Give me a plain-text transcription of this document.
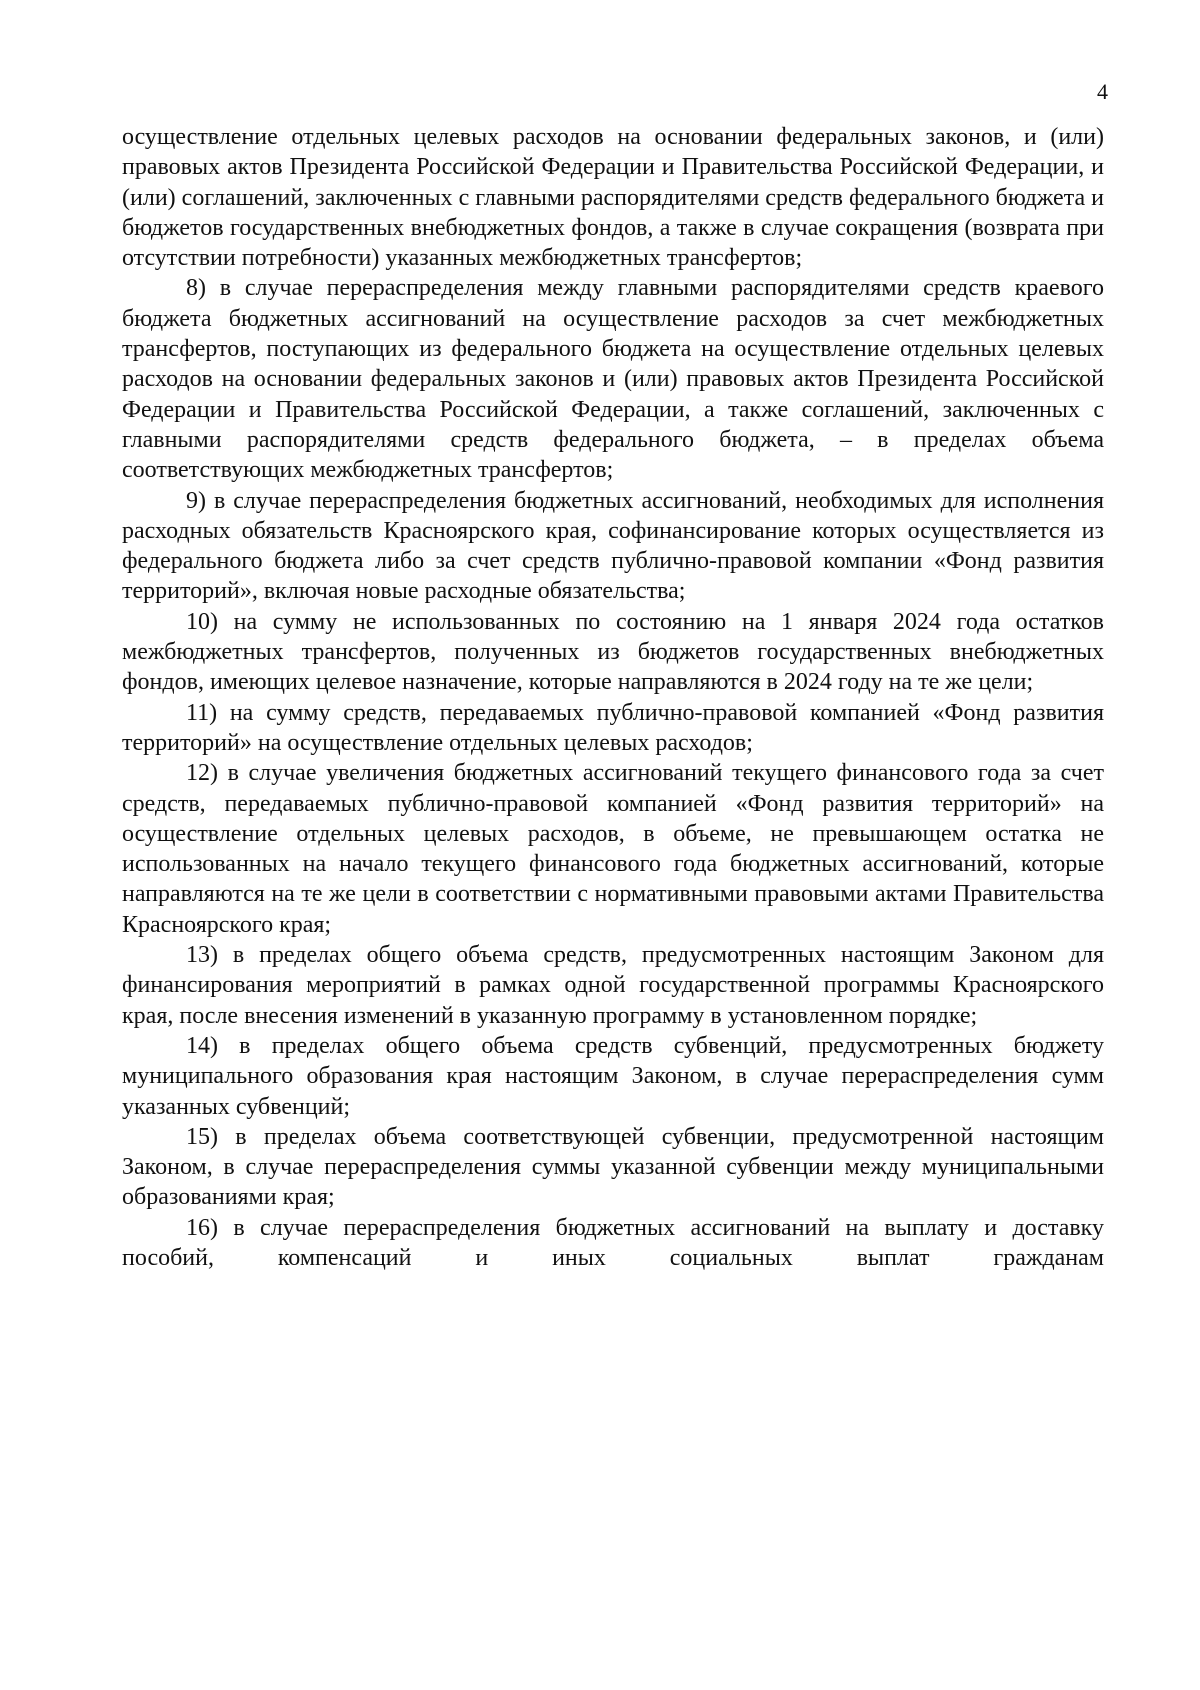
4

осуществление отдельных целевых расходов на основании федеральных законов, и (или) правовых актов Президента Российской Федерации и Правительства Российской Федерации, и (или) соглашений, заключенных с главными распорядителями средств федерального бюджета и бюджетов государственных внебюджетных фондов, а также в случае сокращения (возврата при отсутствии потребности) указанных межбюджетных трансфертов;

8) в случае перераспределения между главными распорядителями средств краевого бюджета бюджетных ассигнований на осуществление расходов за счет межбюджетных трансфертов, поступающих из федерального бюджета на осуществление отдельных целевых расходов на основании федеральных законов и (или) правовых актов Президента Российской Федерации и Правительства Российской Федерации, а также соглашений, заключенных с главными распорядителями средств федерального бюджета, – в пределах объема соответствующих межбюджетных трансфертов;

9) в случае перераспределения бюджетных ассигнований, необходимых для исполнения расходных обязательств Красноярского края, софинансирование которых осуществляется из федерального бюджета либо за счет средств публично-правовой компании «Фонд развития территорий», включая новые расходные обязательства;

10) на сумму не использованных по состоянию на 1 января 2024 года остатков межбюджетных трансфертов, полученных из бюджетов государственных внебюджетных фондов, имеющих целевое назначение, которые направляются в 2024 году на те же цели;

11) на сумму средств, передаваемых публично-правовой компанией «Фонд развития территорий» на осуществление отдельных целевых расходов;

12) в случае увеличения бюджетных ассигнований текущего финансового года за счет средств, передаваемых публично-правовой компанией «Фонд развития территорий» на осуществление отдельных целевых расходов, в объеме, не превышающем остатка не использованных на начало текущего финансового года бюджетных ассигнований, которые направляются на те же цели в соответствии с нормативными правовыми актами Правительства Красноярского края;

13) в пределах общего объема средств, предусмотренных настоящим Законом для финансирования мероприятий в рамках одной государственной программы Красноярского края, после внесения изменений в указанную программу в установленном порядке;

14) в пределах общего объема средств субвенций, предусмотренных бюджету муниципального образования края настоящим Законом, в случае перераспределения сумм указанных субвенций;

15) в пределах объема соответствующей субвенции, предусмотренной настоящим Законом, в случае перераспределения суммы указанной субвенции между муниципальными образованиями края;

16) в случае перераспределения бюджетных ассигнований на выплату и доставку пособий, компенсаций и иных социальных выплат гражданам
